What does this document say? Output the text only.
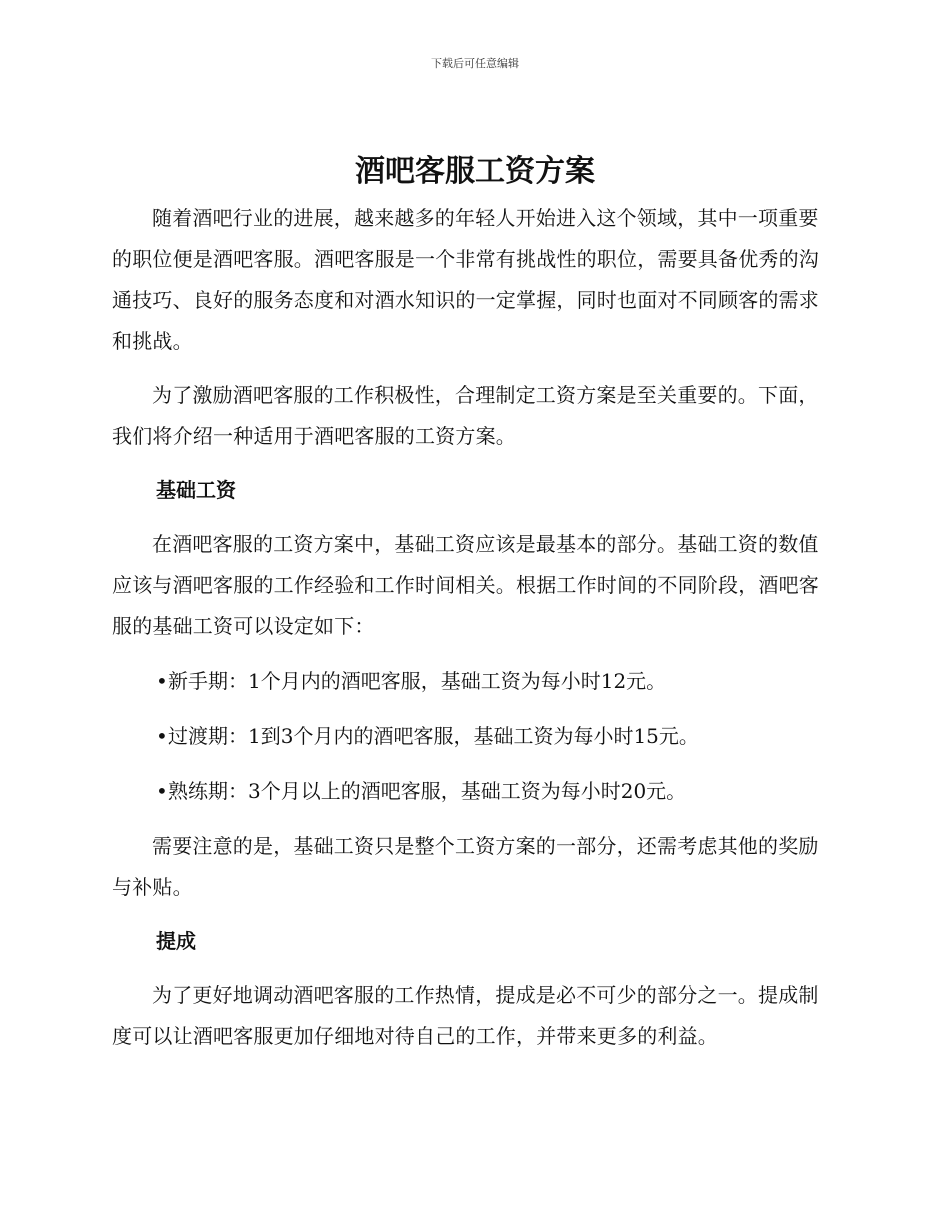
下载后可任意编辑
酒吧客服工资方案

随着酒吧行业的进展，越来越多的年轻人开始进入这个领域，其中一项重要的职位便是酒吧客服。酒吧客服是一个非常有挑战性的职位，需要具备优秀的沟通技巧、良好的服务态度和对酒水知识的一定掌握，同时也面对不同顾客的需求和挑战。

为了激励酒吧客服的工作积极性，合理制定工资方案是至关重要的。下面，我们将介绍一种适用于酒吧客服的工资方案。

基础工资

在酒吧客服的工资方案中，基础工资应该是最基本的部分。基础工资的数值应该与酒吧客服的工作经验和工作时间相关。根据工作时间的不同阶段，酒吧客服的基础工资可以设定如下：

•新手期：1个月内的酒吧客服，基础工资为每小时12元。
•过渡期：1到3个月内的酒吧客服，基础工资为每小时15元。
•熟练期：3个月以上的酒吧客服，基础工资为每小时20元。

需要注意的是，基础工资只是整个工资方案的一部分，还需考虑其他的奖励与补贴。

提成

为了更好地调动酒吧客服的工作热情，提成是必不可少的部分之一。提成制度可以让酒吧客服更加仔细地对待自己的工作，并带来更多的利益。
